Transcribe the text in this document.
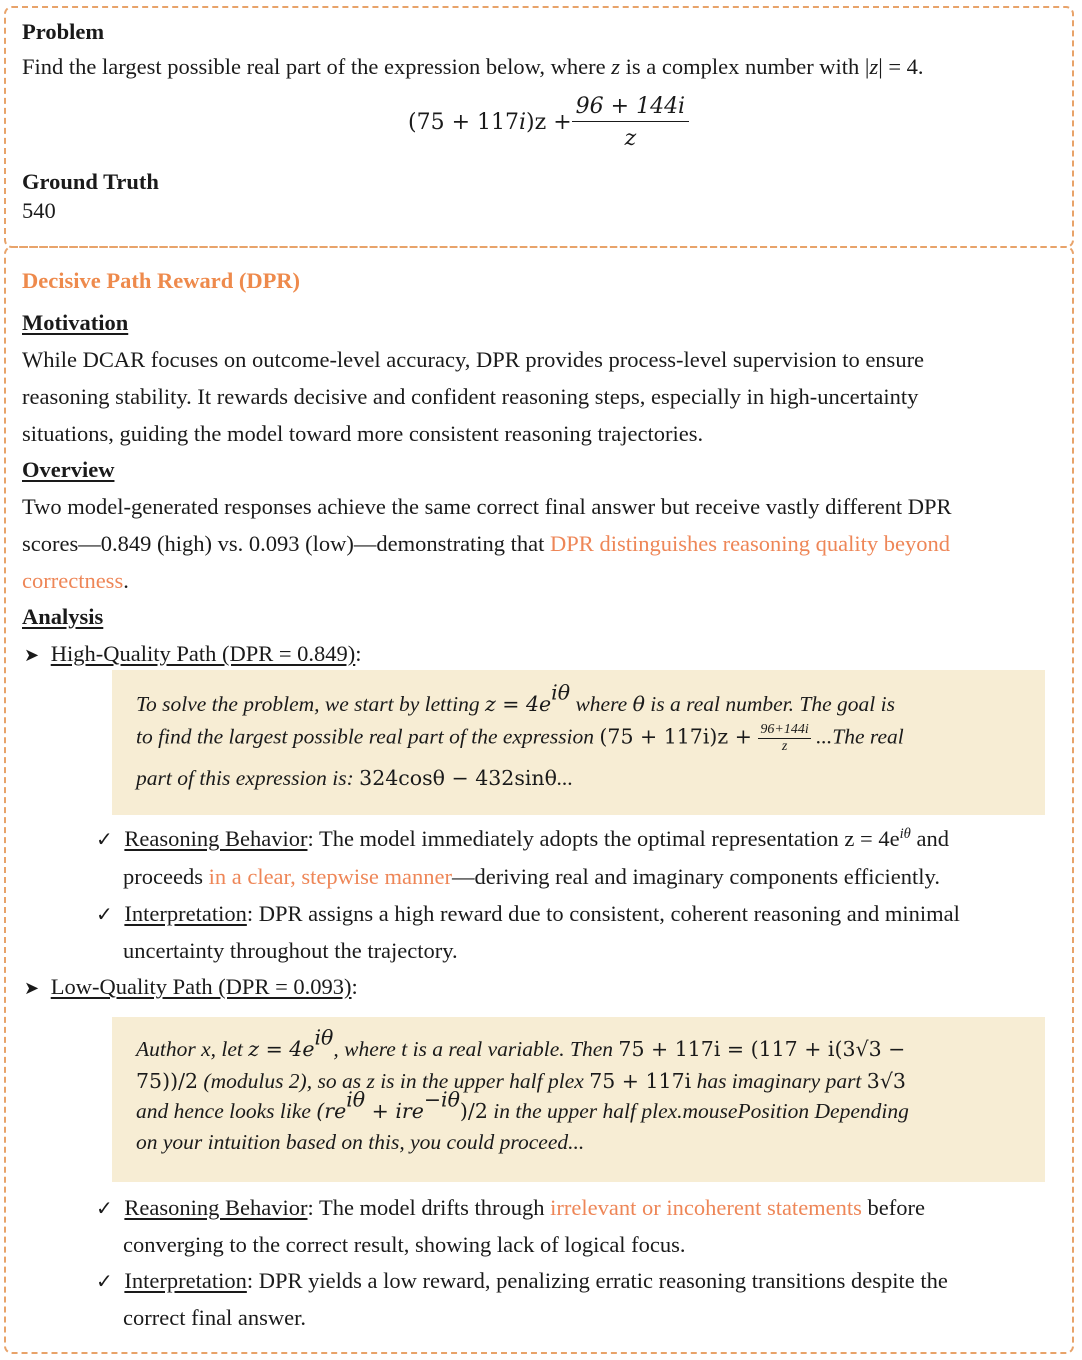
Problem
Find the largest possible real part of the expression below, where z is a complex number with |z| = 4.
$(75 + 117i)z + \frac{96 + 144i}{z}$
Ground Truth
540
Decisive Path Reward (DPR)
Motivation
While DCAR focuses on outcome-level accuracy, DPR provides process-level supervision to ensure
reasoning stability. It rewards decisive and confident reasoning steps, especially in high-uncertainty
situations, guiding the model toward more consistent reasoning trajectories.
Overview
Two model-generated responses achieve the same correct final answer but receive vastly different DPR
scores—0.849 (high) vs. 0.093 (low)—demonstrating that DPR distinguishes reasoning quality beyond
correctness.
Analysis
➤ High-Quality Path (DPR = 0.849):
To solve the problem, we start by letting $z = 4e^{i\theta}$ where θ is a real number. The goal is
to find the largest possible real part of the expression $(75 + 117i)z + \frac{96+144i}{z} ...The$ real
part of this expression is: 324cosθ − 432sinθ...
✓ Reasoning Behavior: The model immediately adopts the optimal representation $z = 4e^{i\theta}$ and
proceeds in a clear, stepwise manner—deriving real and imaginary components efficiently.
✓ Interpretation: DPR assigns a high reward due to consistent, coherent reasoning and minimal
uncertainty throughout the trajectory.
➤ Low-Quality Path (DPR = 0.093):
Author x, let $z = 4e^{i\theta}$, where t is a real variable. Then 75 + 117i = (117 + i(3√3 −
75))/2 (modulus 2), so as z is in the upper half plex 75 + 117i has imaginary part 3√3
and hence looks like $(re^{i\theta} + ire^{-i\theta})/2$ in the upper half plex.mousePosition Depending
on your intuition based on this, you could proceed...
✓ Reasoning Behavior: The model drifts through irrelevant or incoherent statements before
converging to the correct result, showing lack of logical focus.
✓ Interpretation: DPR yields a low reward, penalizing erratic reasoning transitions despite the
correct final answer.
